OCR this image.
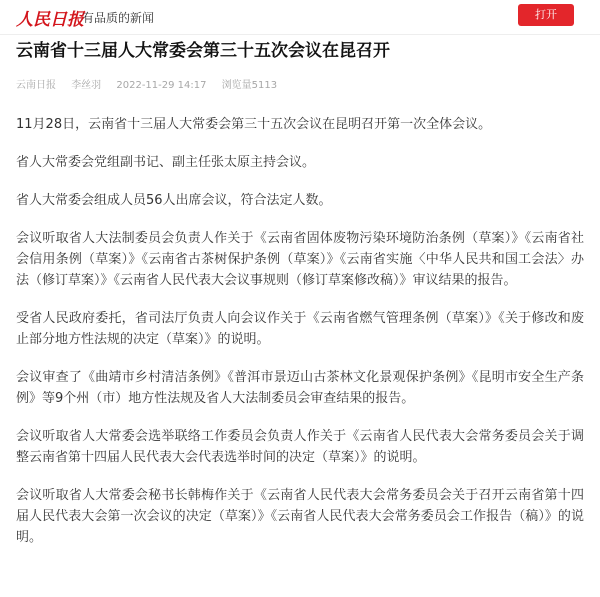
人民日报
有品质的新闻	打开
云南省十三届人大常委会第三十五次会议在昆召开
云南日报 李丝羽 2022-11-29 14:17 浏览量5113

11月28日，云南省十三届人大常委会第三十五次会议在昆明召开第一次全体会议。

省人大常委会党组副书记、副主任张太原主持会议。

省人大常委会组成人员56人出席会议，符合法定人数。

会议听取省人大法制委员会负责人作关于《云南省固体废物污染环境防治条例（草案）》《云南省社会信用条例（草案）》《云南省古茶树保护条例（草案）》《云南省实施〈中华人民共和国工会法〉办法（修订草案）》《云南省人民代表大会议事规则（修订草案修改稿）》审议结果的报告。

受省人民政府委托，省司法厅负责人向会议作关于《云南省燃气管理条例（草案）》《关于修改和废止部分地方性法规的决定（草案）》的说明。

会议审查了《曲靖市乡村清洁条例》《普洱市景迈山古茶林文化景观保护条例》《昆明市安全生产条例》等9个州（市）地方性法规及省人大法制委员会审查结果的报告。

会议听取省人大常委会选举联络工作委员会负责人作关于《云南省人民代表大会常务委员会关于调整云南省第十四届人民代表大会代表选举时间的决定（草案）》的说明。

会议听取省人大常委会秘书长韩梅作关于《云南省人民代表大会常务委员会关于召开云南省第十四届人民代表大会第一次会议的决定（草案）》《云南省人民代表大会常务委员会工作报告（稿）》的说明。
